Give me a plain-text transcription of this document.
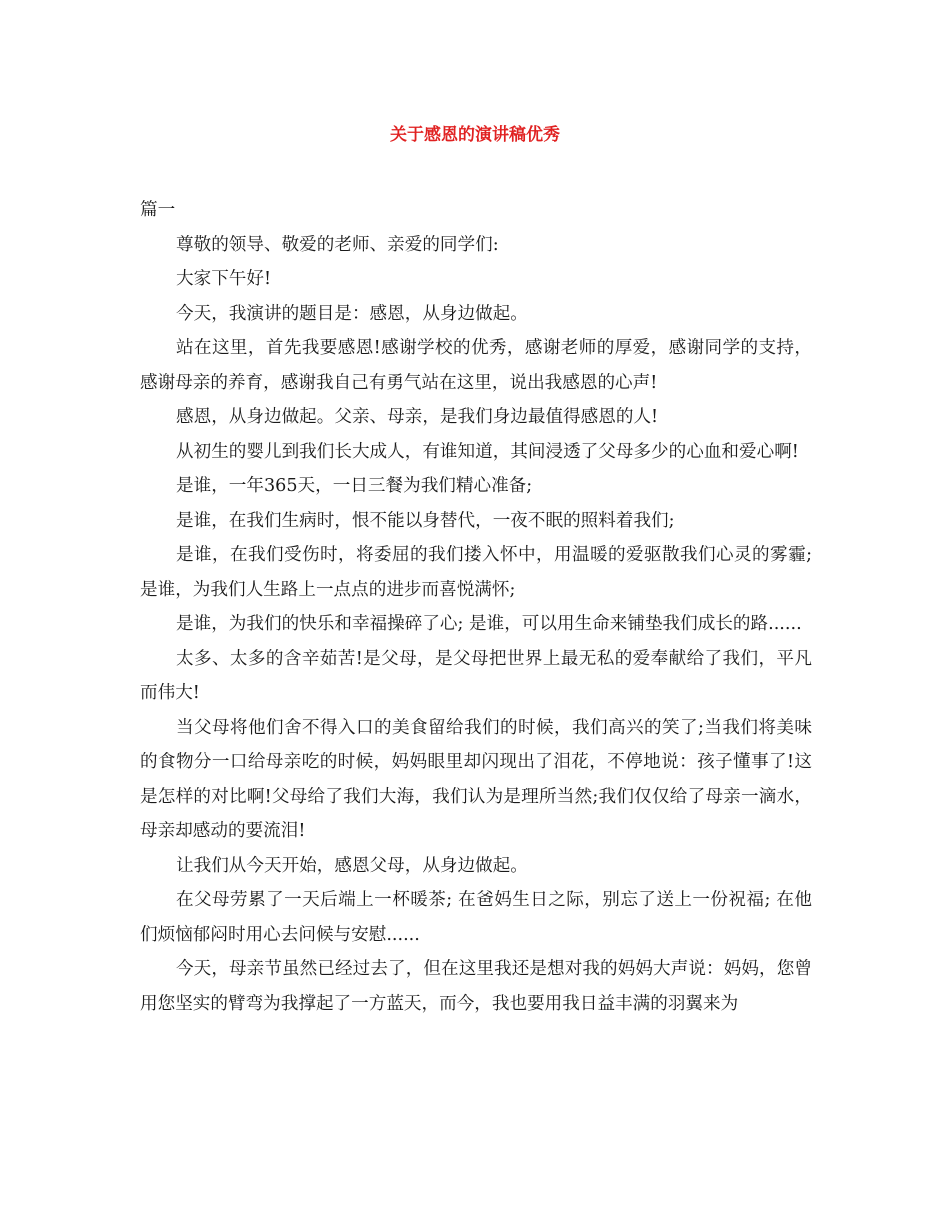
关于感恩的演讲稿优秀
篇一

尊敬的领导、敬爱的老师、亲爱的同学们:

大家下午好!

今天，我演讲的题目是：感恩，从身边做起。

站在这里，首先我要感恩!感谢学校的优秀，感谢老师的厚爱，感谢同学的支持，感谢母亲的养育，感谢我自己有勇气站在这里，说出我感恩的心声!

感恩，从身边做起。父亲、母亲，是我们身边最值得感恩的人!

从初生的婴儿到我们长大成人，有谁知道，其间浸透了父母多少的心血和爱心啊!

是谁，一年365天，一日三餐为我们精心准备;

是谁，在我们生病时，恨不能以身替代，一夜不眠的照料着我们;

是谁，在我们受伤时，将委屈的我们搂入怀中，用温暖的爱驱散我们心灵的雾霾; 是谁，为我们人生路上一点点的进步而喜悦满怀;

是谁，为我们的快乐和幸福操碎了心; 是谁，可以用生命来铺垫我们成长的路......

太多、太多的含辛茹苦!是父母，是父母把世界上最无私的爱奉献给了我们，平凡而伟大!

当父母将他们舍不得入口的美食留给我们的时候，我们高兴的笑了;当我们将美味的食物分一口给母亲吃的时候，妈妈眼里却闪现出了泪花，不停地说：孩子懂事了!这是怎样的对比啊!父母给了我们大海，我们认为是理所当然;我们仅仅给了母亲一滴水，母亲却感动的要流泪!

让我们从今天开始，感恩父母，从身边做起。

在父母劳累了一天后端上一杯暖茶; 在爸妈生日之际，别忘了送上一份祝福; 在他们烦恼郁闷时用心去问候与安慰......

今天，母亲节虽然已经过去了，但在这里我还是想对我的妈妈大声说：妈妈，您曾用您坚实的臂弯为我撑起了一方蓝天，而今，我也要用我日益丰满的羽翼来为
